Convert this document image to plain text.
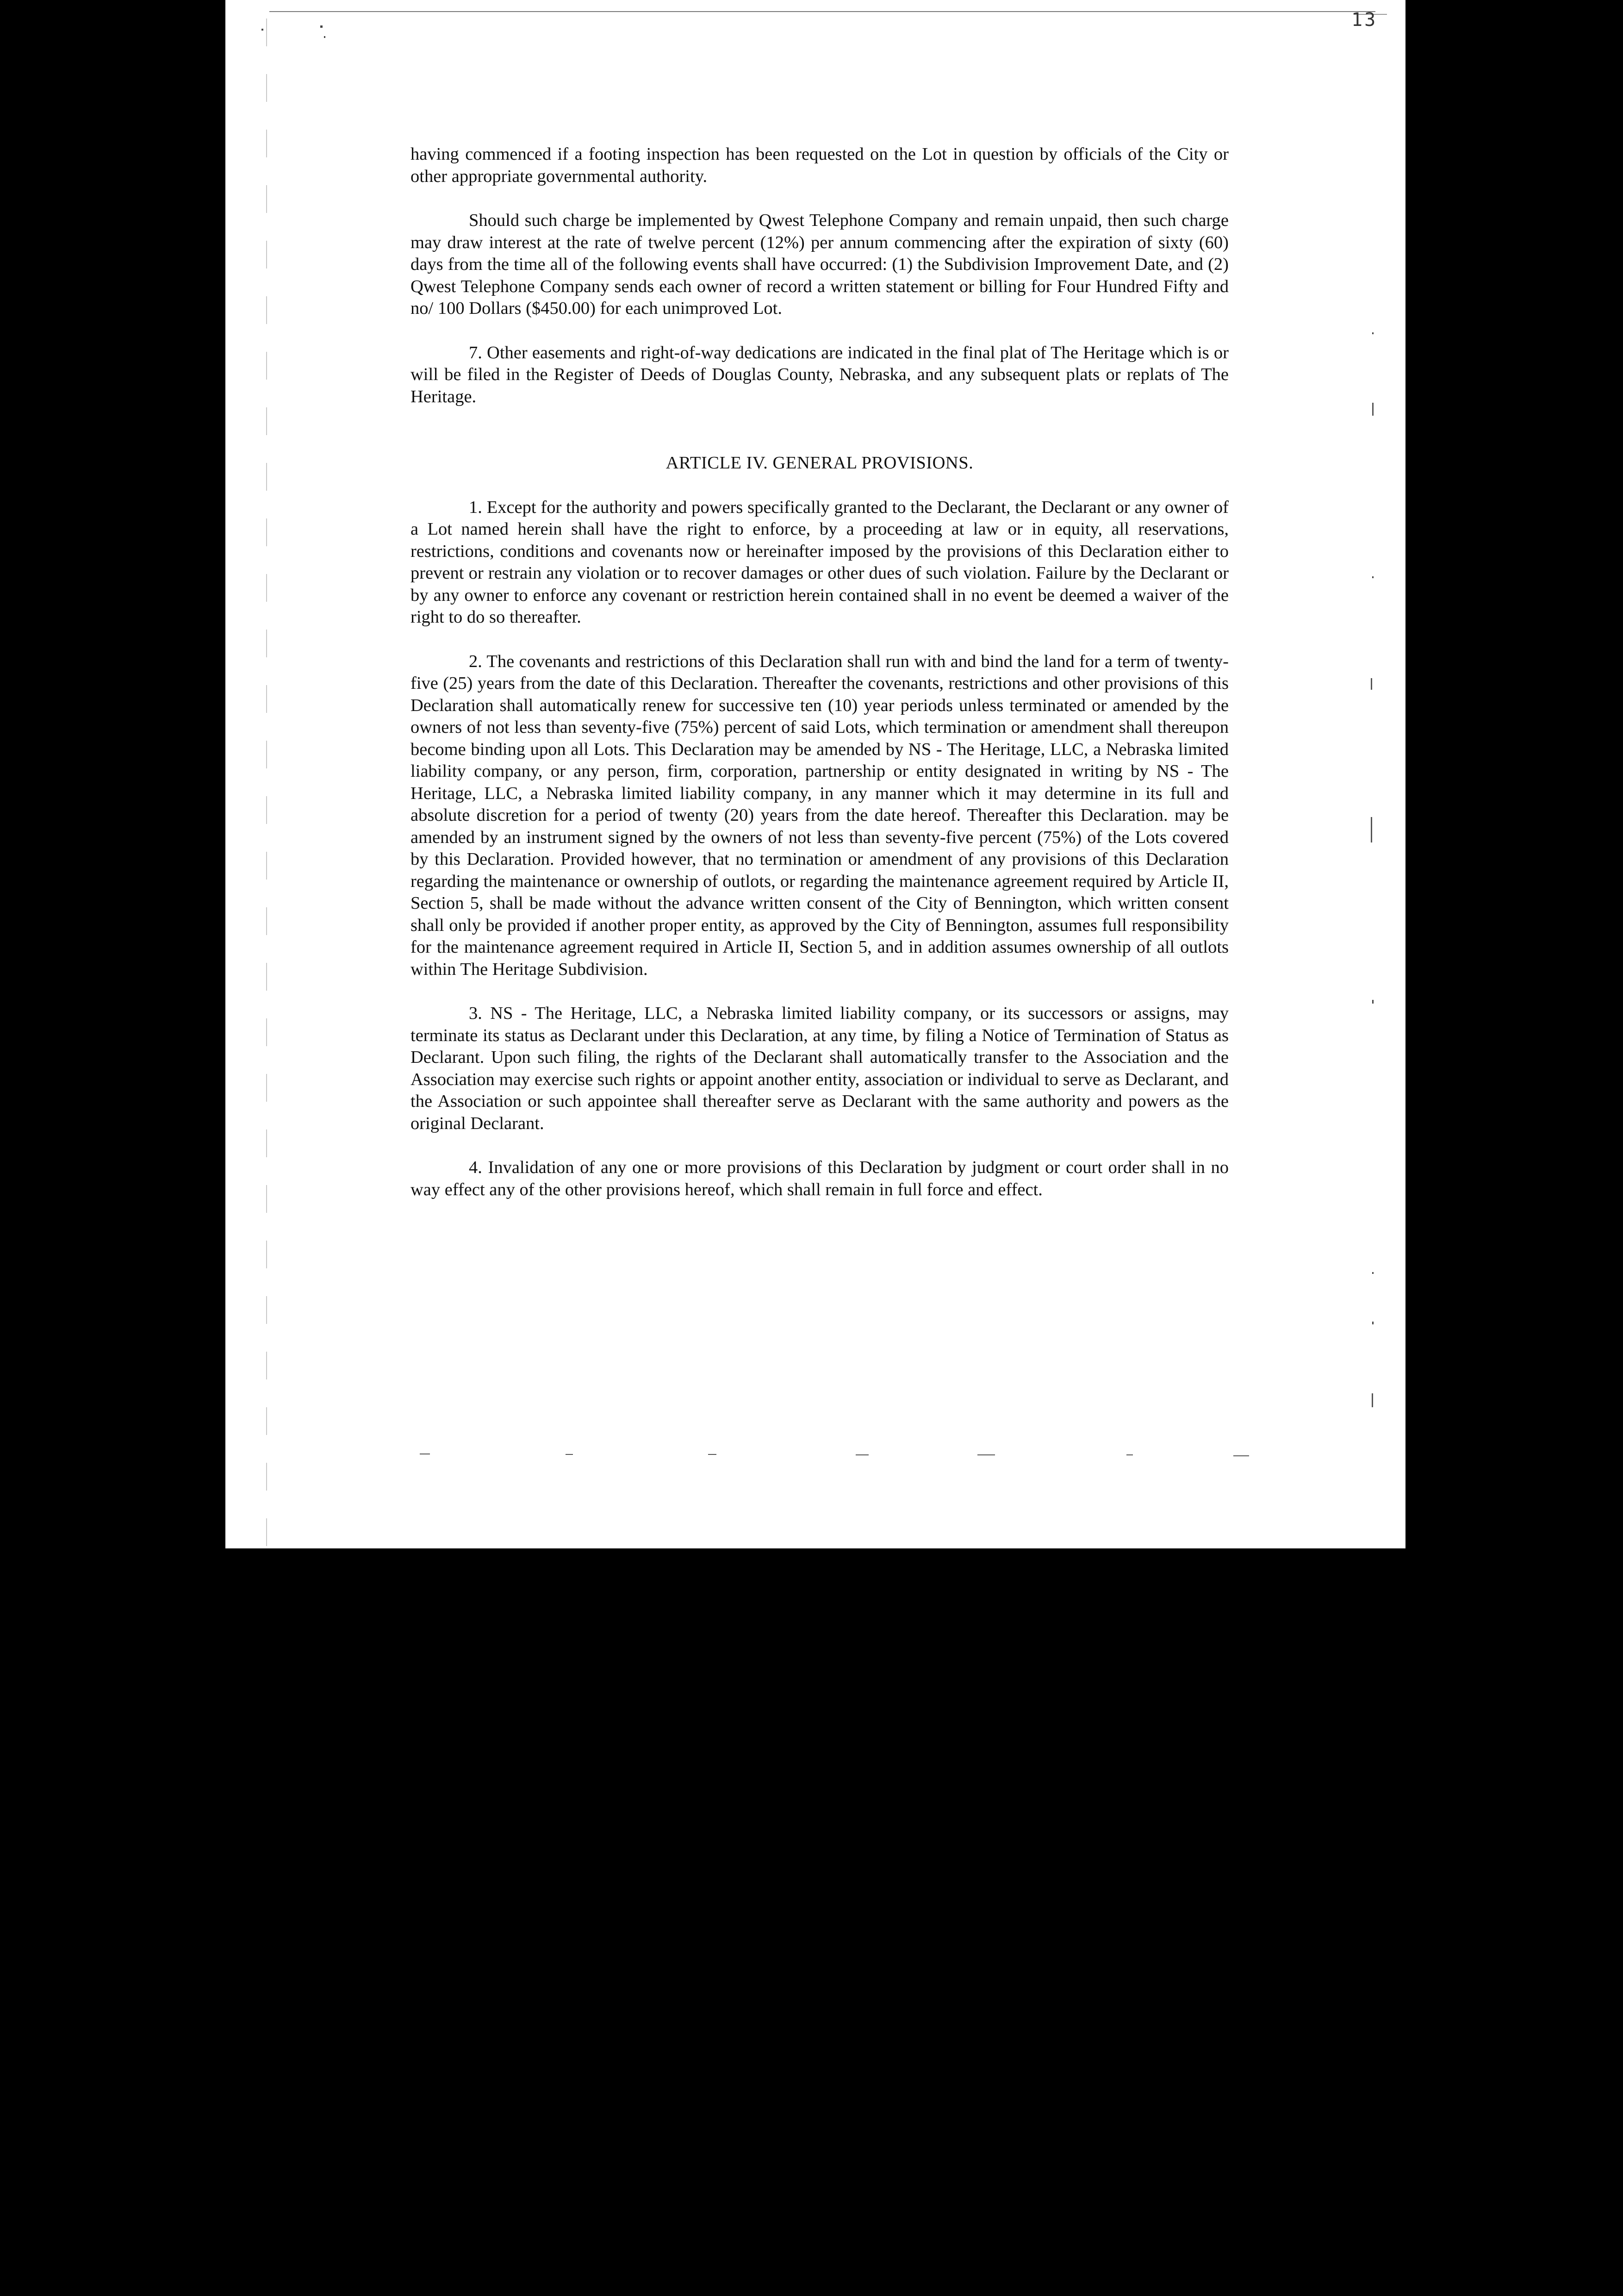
13

having commenced if a footing inspection has been requested on the Lot in question by officials of the City or other appropriate governmental authority.

Should such charge be implemented by Qwest Telephone Company and remain unpaid, then such charge may draw interest at the rate of twelve percent (12%) per annum commencing after the expiration of sixty (60) days from the time all of the following events shall have occurred: (1) the Subdivision Improvement Date, and (2) Qwest Telephone Company sends each owner of record a written statement or billing for Four Hundred Fifty and no/ 100 Dollars ($450.00) for each unimproved Lot.

7. Other easements and right-of-way dedications are indicated in the final plat of The Heritage which is or will be filed in the Register of Deeds of Douglas County, Nebraska, and any subsequent plats or replats of The Heritage.

ARTICLE IV. GENERAL PROVISIONS.

1. Except for the authority and powers specifically granted to the Declarant, the Declarant or any owner of a Lot named herein shall have the right to enforce, by a proceeding at law or in equity, all reservations, restrictions, conditions and covenants now or hereinafter imposed by the provisions of this Declaration either to prevent or restrain any violation or to recover damages or other dues of such violation. Failure by the Declarant or by any owner to enforce any covenant or restriction herein contained shall in no event be deemed a waiver of the right to do so thereafter.

2. The covenants and restrictions of this Declaration shall run with and bind the land for a term of twenty-five (25) years from the date of this Declaration. Thereafter the covenants, restrictions and other provisions of this Declaration shall automatically renew for successive ten (10) year periods unless terminated or amended by the owners of not less than seventy-five (75%) percent of said Lots, which termination or amendment shall thereupon become binding upon all Lots. This Declaration may be amended by NS - The Heritage, LLC, a Nebraska limited liability company, or any person, firm, corporation, partnership or entity designated in writing by NS - The Heritage, LLC, a Nebraska limited liability company, in any manner which it may determine in its full and absolute discretion for a period of twenty (20) years from the date hereof. Thereafter this Declaration. may be amended by an instrument signed by the owners of not less than seventy-five percent (75%) of the Lots covered by this Declaration. Provided however, that no termination or amendment of any provisions of this Declaration regarding the maintenance or ownership of outlots, or regarding the maintenance agreement required by Article II, Section 5, shall be made without the advance written consent of the City of Bennington, which written consent shall only be provided if another proper entity, as approved by the City of Bennington, assumes full responsibility for the maintenance agreement required in Article II, Section 5, and in addition assumes ownership of all outlots within The Heritage Subdivision.

3. NS - The Heritage, LLC, a Nebraska limited liability company, or its successors or assigns, may terminate its status as Declarant under this Declaration, at any time, by filing a Notice of Termination of Status as Declarant. Upon such filing, the rights of the Declarant shall automatically transfer to the Association and the Association may exercise such rights or appoint another entity, association or individual to serve as Declarant, and the Association or such appointee shall thereafter serve as Declarant with the same authority and powers as the original Declarant.

4. Invalidation of any one or more provisions of this Declaration by judgment or court order shall in no way effect any of the other provisions hereof, which shall remain in full force and effect.
